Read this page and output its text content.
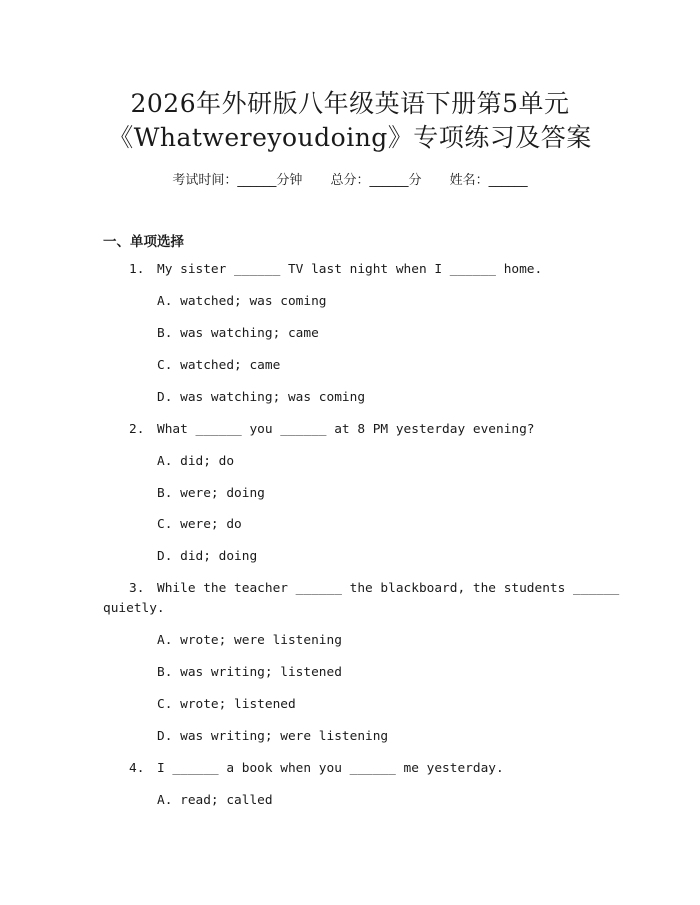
2026年外研版八年级英语下册第5单元
《Whatwereyoudoing》专项练习及答案
考试时间：______分钟 总分：______分 姓名：______
一、单项选择
1. My sister ______ TV last night when I ______ home.
A. watched; was coming
B. was watching; came
C. watched; came
D. was watching; was coming
2. What ______ you ______ at 8 PM yesterday evening?
A. did; do
B. were; doing
C. were; do
D. did; doing
3. While the teacher ______ the blackboard, the students ______
quietly.
A. wrote; were listening
B. was writing; listened
C. wrote; listened
D. was writing; were listening
4. I ______ a book when you ______ me yesterday.
A. read; called
